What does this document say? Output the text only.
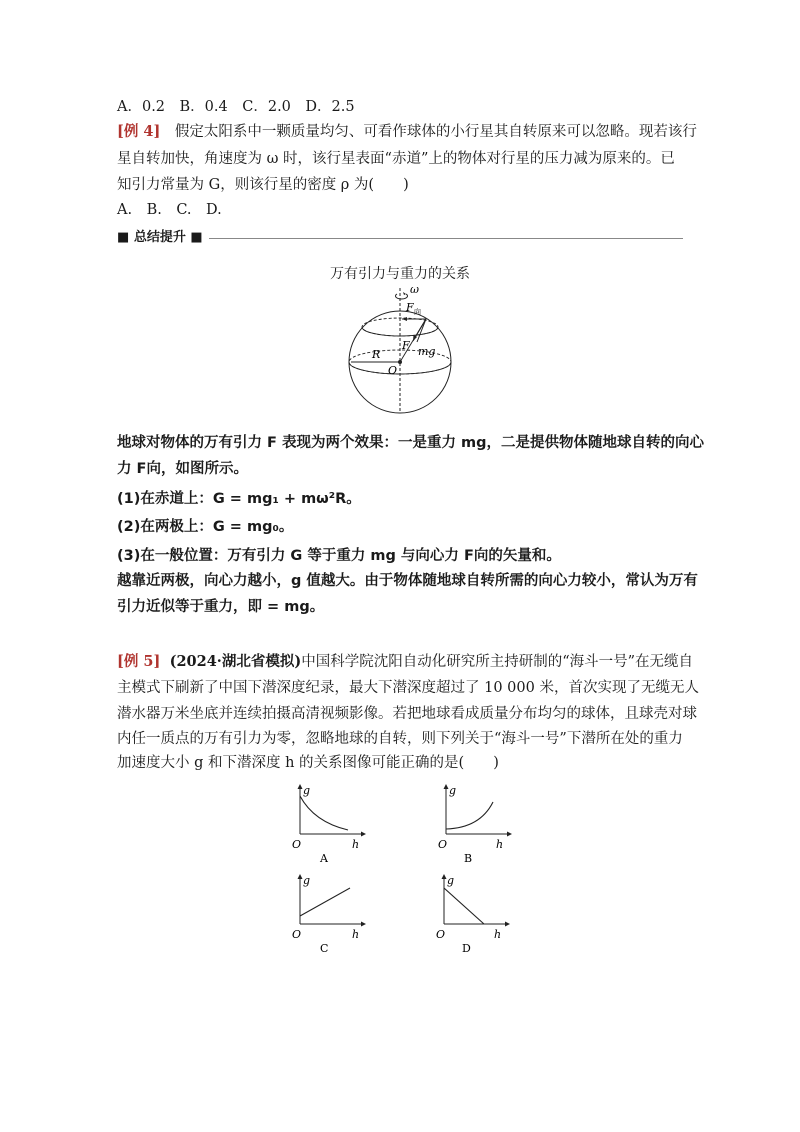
A．0.2　B．0.4　C．2.0　D．2.5
[例 4]　假定太阳系中一颗质量均匀、可看作球体的小行星其自转原来可以忽略。现若该行
星自转加快，角速度为 ω 时，该行星表面“赤道”上的物体对行星的压力减为原来的。已
知引力常量为 G，则该行星的密度 ρ 为(　　)
A.　B.　C.　D.
■ 总结提升 ■
万有引力与重力的关系
ω
F 向
F mg
R
O
地球对物体的万有引力 F 表现为两个效果：一是重力 mg，二是提供物体随地球自转的向心
力 F向，如图所示。
(1)在赤道上：G = mg₁ + mω²R。
(2)在两极上：G = mg₀。
(3)在一般位置：万有引力 G 等于重力 mg 与向心力 F向的矢量和。
越靠近两极，向心力越小，g 值越大。由于物体随地球自转所需的向心力较小，常认为万有
引力近似等于重力，即 = mg。
[例 5] (2024·湖北省模拟)中国科学院沈阳自动化研究所主持研制的“海斗一号”在无缆自
主模式下刷新了中国下潜深度纪录，最大下潜深度超过了 10 000 米，首次实现了无缆无人
潜水器万米坐底并连续拍摄高清视频影像。若把地球看成质量分布均匀的球体，且球壳对球
内任一质点的万有引力为零，忽略地球的自转，则下列关于“海斗一号”下潜所在处的重力
加速度大小 g 和下潜深度 h 的关系图像可能正确的是(　　)
g
h
O
A
g
h
O
B
g
h
O
C
g
h
O
D
